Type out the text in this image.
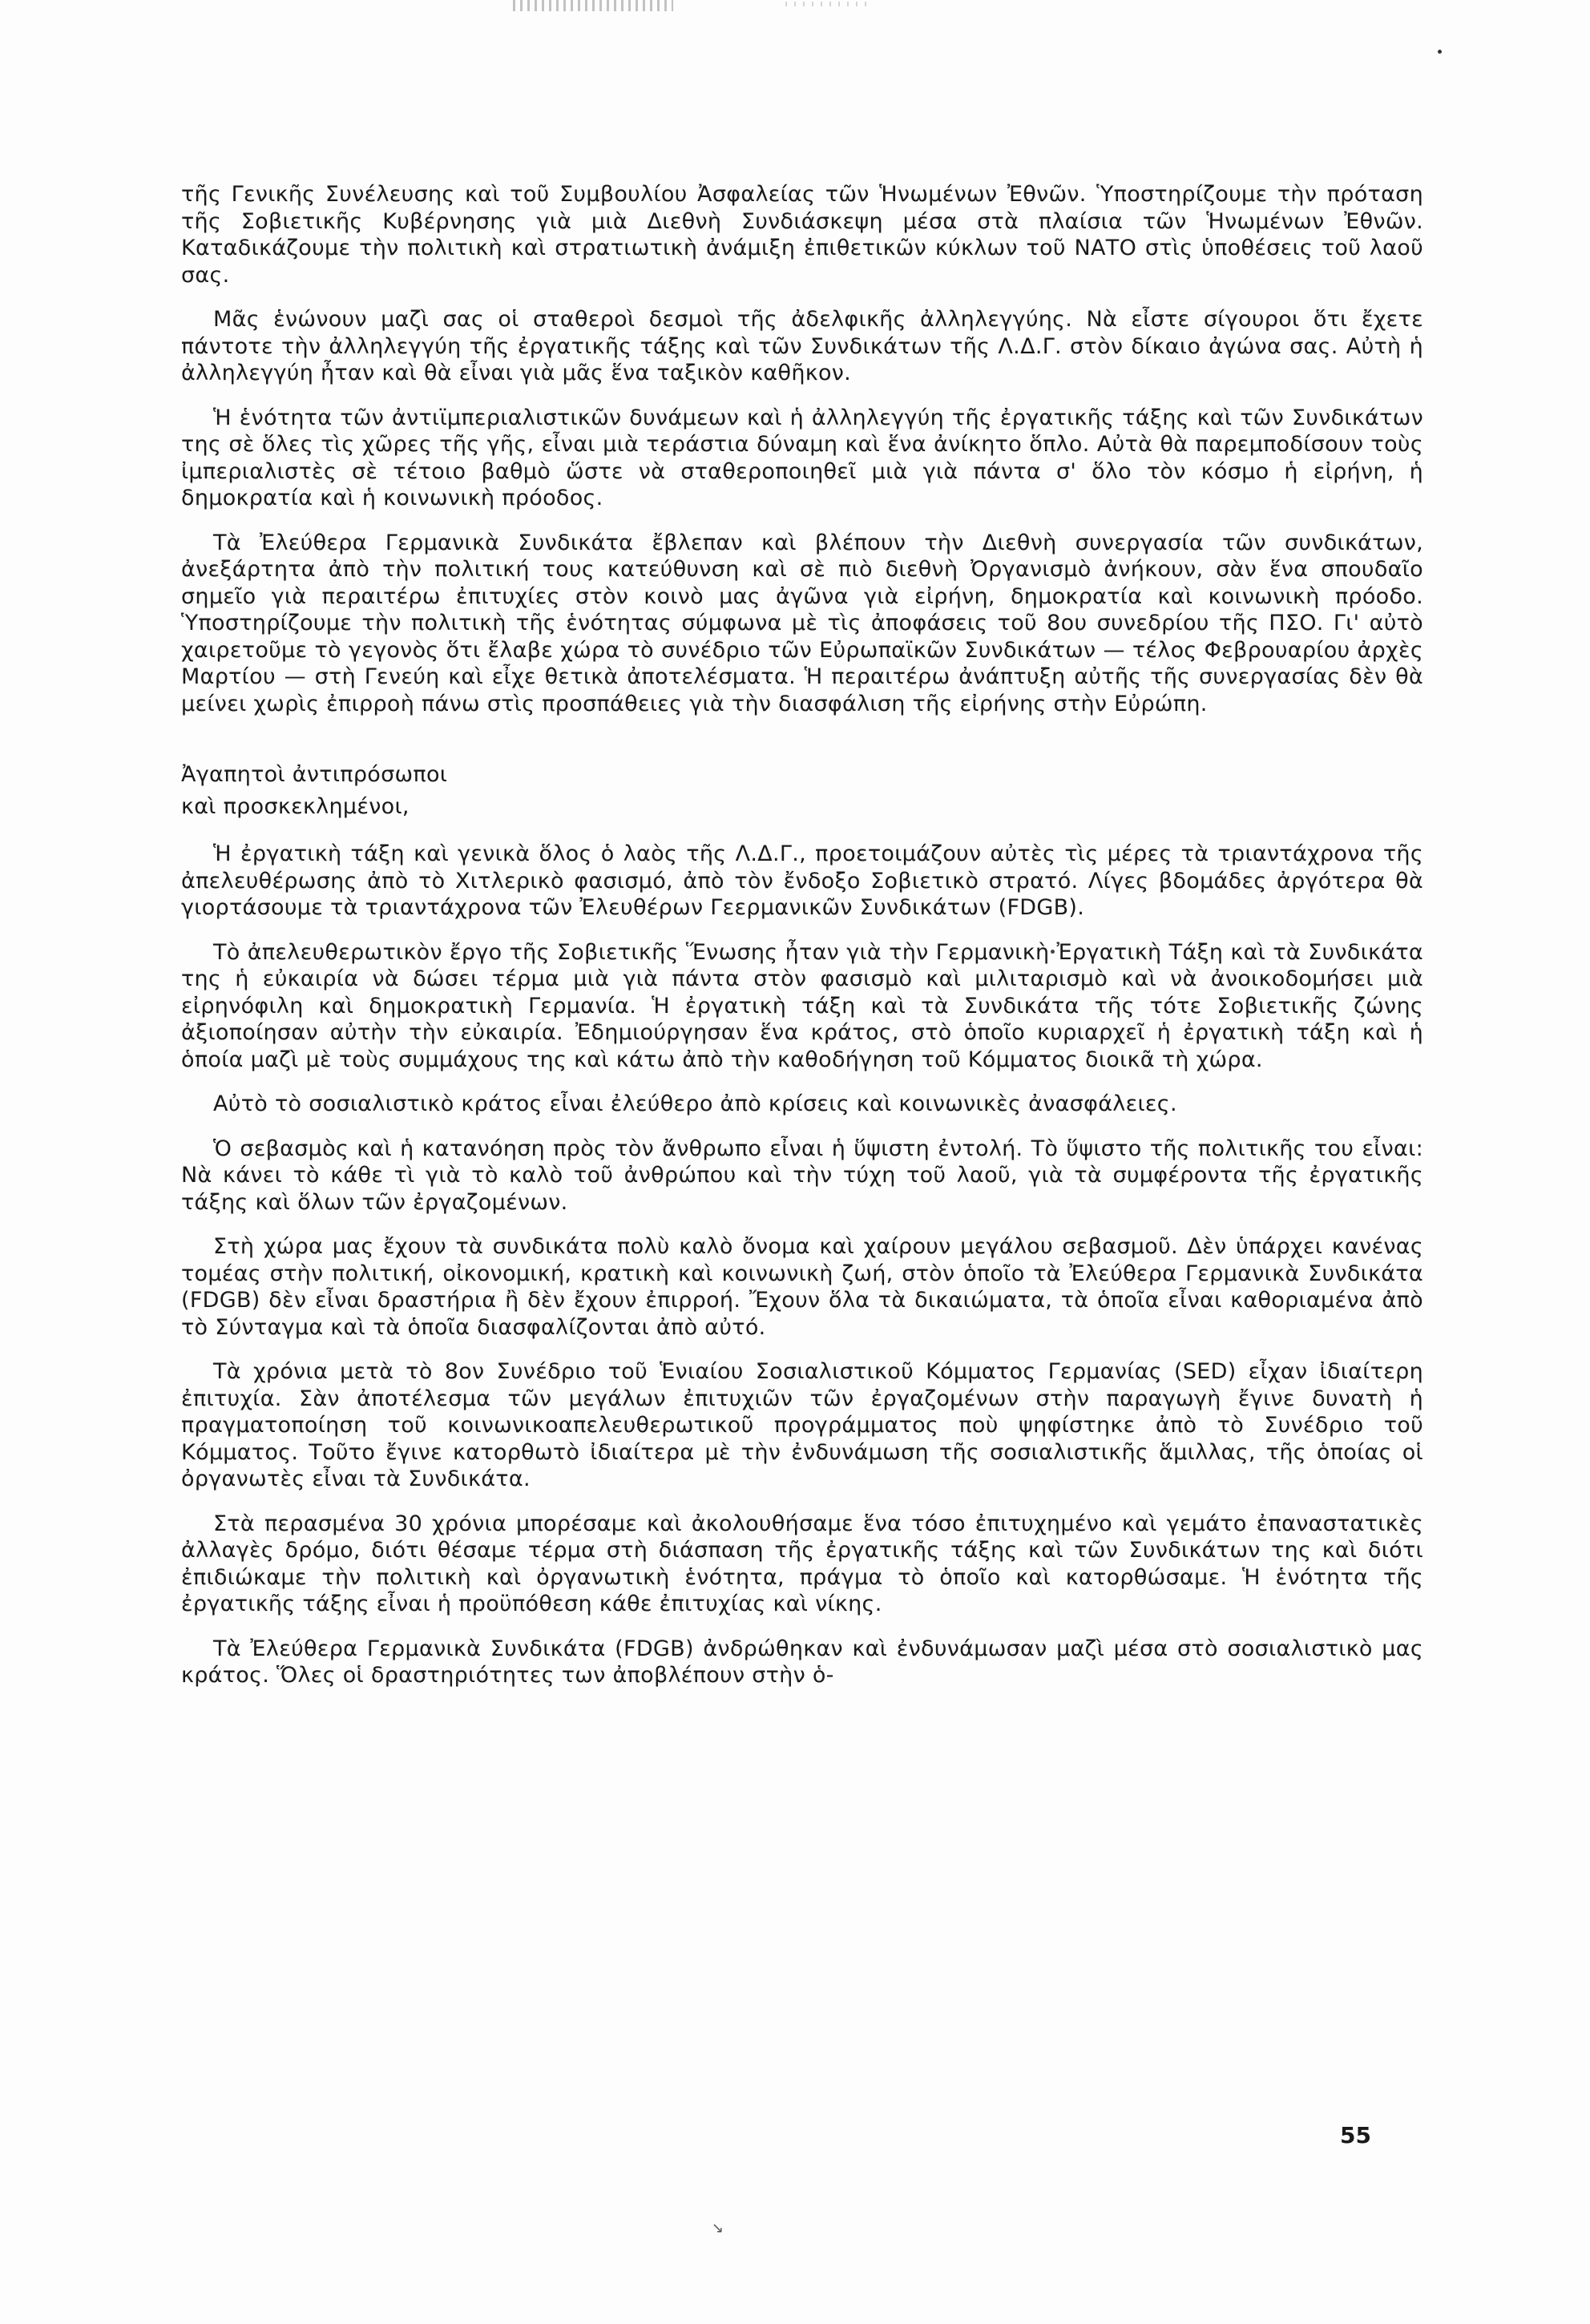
τῆς Γενικῆς Συνέλευσης καὶ τοῦ Συμβουλίου Ἀσφαλείας τῶν Ἡνωμένων Ἐθνῶν. Ὑποστηρίζουμε τὴν πρόταση τῆς Σοβιετικῆς Κυβέρνησης γιὰ μιὰ Διεθνὴ Συνδιάσκεψη μέσα στὰ πλαίσια τῶν Ἡνωμένων Ἐθνῶν. Καταδικάζουμε τὴν πολιτικὴ καὶ στρατιωτικὴ ἀνάμιξη ἐπιθετικῶν κύκλων τοῦ ΝΑΤΟ στὶς ὑποθέσεις τοῦ λαοῦ σας.

Μᾶς ἑνώνουν μαζὶ σας οἱ σταθεροὶ δεσμοὶ τῆς ἀδελφικῆς ἀλληλεγγύης. Νὰ εἶστε σίγουροι ὅτι ἔχετε πάντοτε τὴν ἀλληλεγγύη τῆς ἐργατικῆς τάξης καὶ τῶν Συνδικάτων τῆς Λ.Δ.Γ. στὸν δίκαιο ἀγώνα σας. Αὐτὴ ἡ ἀλληλεγγύη ἦταν καὶ θὰ εἶναι γιὰ μᾶς ἕνα ταξικὸν καθῆκον.

Ἡ ἑνότητα τῶν ἀντιϊμπεριαλιστικῶν δυνάμεων καὶ ἡ ἀλληλεγγύη τῆς ἐργατικῆς τάξης καὶ τῶν Συνδικάτων της σὲ ὅλες τὶς χῶρες τῆς γῆς, εἶναι μιὰ τεράστια δύναμη καὶ ἕνα ἀνίκητο ὅπλο. Αὐτὰ θὰ παρεμποδίσουν τοὺς ἰμπεριαλιστὲς σὲ τέτοιο βαθμὸ ὥστε νὰ σταθεροποιηθεῖ μιὰ γιὰ πάντα σ' ὅλο τὸν κόσμο ἡ εἰρήνη, ἡ δημοκρατία καὶ ἡ κοινωνικὴ πρόοδος.

Τὰ Ἐλεύθερα Γερμανικὰ Συνδικάτα ἔβλεπαν καὶ βλέπουν τὴν Διεθνὴ συνεργασία τῶν συνδικάτων, ἀνεξάρτητα ἀπὸ τὴν πολιτική τους κατεύθυνση καὶ σὲ πιὸ διεθνὴ Ὀργανισμὸ ἀνήκουν, σὰν ἕνα σπουδαῖο σημεῖο γιὰ περαιτέρω ἐπιτυχίες στὸν κοινὸ μας ἀγῶνα γιὰ εἰρήνη, δημοκρατία καὶ κοινωνικὴ πρόοδο. Ὑποστηρίζουμε τὴν πολιτικὴ τῆς ἑνότητας σύμφωνα μὲ τὶς ἀποφάσεις τοῦ 8ου συνεδρίου τῆς ΠΣΟ. Γι' αὐτὸ χαιρετοῦμε τὸ γεγονὸς ὅτι ἔλαβε χώρα τὸ συνέδριο τῶν Εὐρωπαϊκῶν Συνδικάτων — τέλος Φεβρουαρίου ἀρχὲς Μαρτίου — στὴ Γενεύη καὶ εἶχε θετικὰ ἀποτελέσματα. Ἡ περαιτέρω ἀνάπτυξη αὐτῆς τῆς συνεργασίας δὲν θὰ μείνει χωρὶς ἐπιρροὴ πάνω στὶς προσπάθειες γιὰ τὴν διασφάλιση τῆς εἰρήνης στὴν Εὐρώπη.

Ἀγαπητοὶ ἀντιπρόσωποι
καὶ προσκεκλημένοι,

Ἡ ἐργατικὴ τάξη καὶ γενικὰ ὅλος ὁ λαὸς τῆς Λ.Δ.Γ., προετοιμάζουν αὐτὲς τὶς μέρες τὰ τριαντάχρονα τῆς ἀπελευθέρωσης ἀπὸ τὸ Χιτλερικὸ φασισμό, ἀπὸ τὸν ἔνδοξο Σοβιετικὸ στρατό. Λίγες βδομάδες ἀργότερα θὰ γιορτάσουμε τὰ τριαντάχρονα τῶν Ἐλευθέρων Γεερμανικῶν Συνδικάτων (FDGB).

Τὸ ἀπελευθερωτικὸν ἔργο τῆς Σοβιετικῆς Ἕνωσης ἦταν γιὰ τὴν Γερμανικὴ Ἐργατικὴ Τάξη καὶ τὰ Συνδικάτα της ἡ εὐκαιρία νὰ δώσει τέρμα μιὰ γιὰ πάντα στὸν φασισμὸ καὶ μιλιταρισμὸ καὶ νὰ ἀνοικοδομήσει μιὰ εἰρηνόφιλη καὶ δημοκρατικὴ Γερμανία. Ἡ ἐργατικὴ τάξη καὶ τὰ Συνδικάτα τῆς τότε Σοβιετικῆς ζώνης ἀξιοποίησαν αὐτὴν τὴν εὐκαιρία. Ἐδημιούργησαν ἕνα κράτος, στὸ ὁποῖο κυριαρχεῖ ἡ ἐργατικὴ τάξη καὶ ἡ ὁποία μαζὶ μὲ τοὺς συμμάχους της καὶ κάτω ἀπὸ τὴν καθοδήγηση τοῦ Κόμματος διοικᾶ τὴ χώρα.

Αὐτὸ τὸ σοσιαλιστικὸ κράτος εἶναι ἐλεύθερο ἀπὸ κρίσεις καὶ κοινωνικὲς ἀνασφάλειες.

Ὁ σεβασμὸς καὶ ἡ κατανόηση πρὸς τὸν ἄνθρωπο εἶναι ἡ ὕψιστη ἐντολή. Τὸ ὕψιστο τῆς πολιτικῆς του εἶναι: Νὰ κάνει τὸ κάθε τὶ γιὰ τὸ καλὸ τοῦ ἀνθρώπου καὶ τὴν τύχη τοῦ λαοῦ, γιὰ τὰ συμφέροντα τῆς ἐργατικῆς τάξης καὶ ὅλων τῶν ἐργαζομένων.

Στὴ χώρα μας ἔχουν τὰ συνδικάτα πολὺ καλὸ ὄνομα καὶ χαίρουν μεγάλου σεβασμοῦ. Δὲν ὑπάρχει κανένας τομέας στὴν πολιτική, οἰκονομική, κρατικὴ καὶ κοινωνικὴ ζωή, στὸν ὁποῖο τὰ Ἐλεύθερα Γερμανικὰ Συνδικάτα (FDGB) δὲν εἶναι δραστήρια ἢ δὲν ἔχουν ἐπιρροή. Ἔχουν ὅλα τὰ δικαιώματα, τὰ ὁποῖα εἶναι καθοριαμένα ἀπὸ τὸ Σύνταγμα καὶ τὰ ὁποῖα διασφαλίζονται ἀπὸ αὐτό.

Τὰ χρόνια μετὰ τὸ 8ον Συνέδριο τοῦ Ἑνιαίου Σοσιαλιστικοῦ Κόμματος Γερμανίας (SED) εἶχαν ἰδιαίτερη ἐπιτυχία. Σὰν ἀποτέλεσμα τῶν μεγάλων ἐπιτυχιῶν τῶν ἐργαζομένων στὴν παραγωγὴ ἔγινε δυνατὴ ἡ πραγματοποίηση τοῦ κοινωνικοαπελευθερωτικοῦ προγράμματος ποὺ ψηφίστηκε ἀπὸ τὸ Συνέδριο τοῦ Κόμματος. Τοῦτο ἔγινε κατορθωτὸ ἰδιαίτερα μὲ τὴν ἐνδυνάμωση τῆς σοσιαλιστικῆς ἅμιλλας, τῆς ὁποίας οἱ ὀργανωτὲς εἶναι τὰ Συνδικάτα.

Στὰ περασμένα 30 χρόνια μπορέσαμε καὶ ἀκολουθήσαμε ἕνα τόσο ἐπιτυχημένο καὶ γεμάτο ἐπαναστατικὲς ἀλλαγὲς δρόμο, διότι θέσαμε τέρμα στὴ διάσπαση τῆς ἐργατικῆς τάξης καὶ τῶν Συνδικάτων της καὶ διότι ἐπιδιώκαμε τὴν πολιτικὴ καὶ ὀργανωτικὴ ἑνότητα, πράγμα τὸ ὁποῖο καὶ κατορθώσαμε. Ἡ ἑνότητα τῆς ἐργατικῆς τάξης εἶναι ἡ προϋπόθεση κάθε ἐπιτυχίας καὶ νίκης.

Τὰ Ἐλεύθερα Γερμανικὰ Συνδικάτα (FDGB) ἀνδρώθηκαν καὶ ἐνδυνάμωσαν μαζὶ μέσα στὸ σοσιαλιστικὸ μας κράτος. Ὅλες οἱ δραστηριότητες των ἀποβλέπουν στὴν ὁ-

55
↘
